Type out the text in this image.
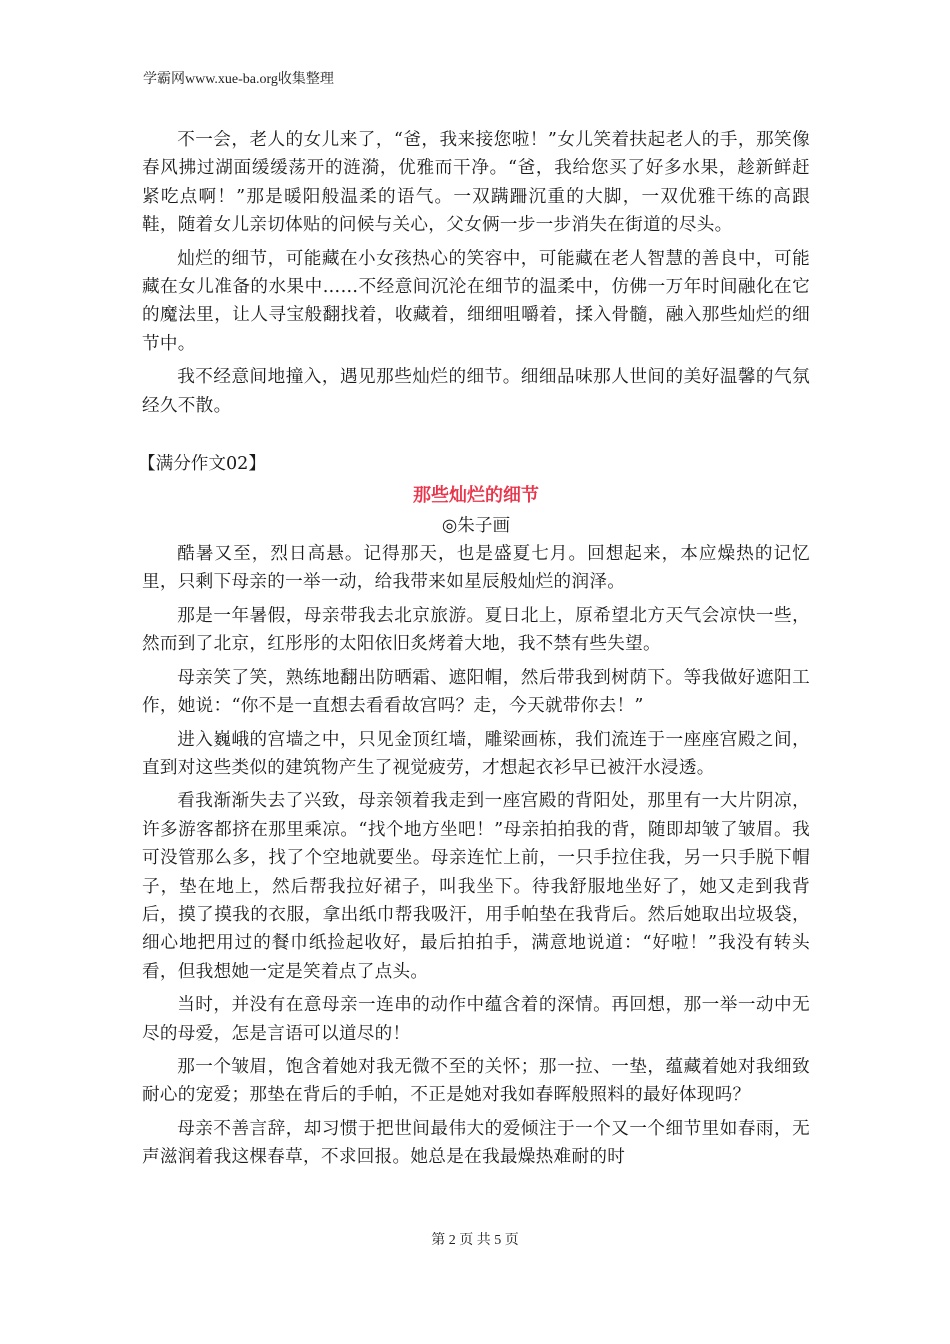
学霸网www.xue-ba.org收集整理

不一会，老人的女儿来了，“爸，我来接您啦！”女儿笑着扶起老人的手，那笑像春风拂过湖面缓缓荡开的涟漪，优雅而干净。“爸，我给您买了好多水果，趁新鲜赶紧吃点啊！”那是暖阳般温柔的语气。一双蹒跚沉重的大脚，一双优雅干练的高跟鞋，随着女儿亲切体贴的问候与关心，父女俩一步一步消失在街道的尽头。

灿烂的细节，可能藏在小女孩热心的笑容中，可能藏在老人智慧的善良中，可能藏在女儿准备的水果中……不经意间沉沦在细节的温柔中，仿佛一万年时间融化在它的魔法里，让人寻宝般翻找着，收藏着，细细咀嚼着，揉入骨髓，融入那些灿烂的细节中。

我不经意间地撞入，遇见那些灿烂的细节。细细品味那人世间的美好温馨的气氛经久不散。

【满分作文02】
那些灿烂的细节
◎朱子画

酷暑又至，烈日高悬。记得那天，也是盛夏七月。回想起来，本应燥热的记忆里，只剩下母亲的一举一动，给我带来如星辰般灿烂的润泽。

那是一年暑假，母亲带我去北京旅游。夏日北上，原希望北方天气会凉快一些，然而到了北京，红彤彤的太阳依旧炙烤着大地，我不禁有些失望。

母亲笑了笑，熟练地翻出防晒霜、遮阳帽，然后带我到树荫下。等我做好遮阳工作，她说：“你不是一直想去看看故宫吗？走，今天就带你去！”

进入巍峨的宫墙之中，只见金顶红墙，雕梁画栋，我们流连于一座座宫殿之间，直到对这些类似的建筑物产生了视觉疲劳，才想起衣衫早已被汗水浸透。

看我渐渐失去了兴致，母亲领着我走到一座宫殿的背阳处，那里有一大片阴凉，许多游客都挤在那里乘凉。“找个地方坐吧！”母亲拍拍我的背，随即却皱了皱眉。我可没管那么多，找了个空地就要坐。母亲连忙上前，一只手拉住我，另一只手脱下帽子，垫在地上，然后帮我拉好裙子，叫我坐下。待我舒服地坐好了，她又走到我背后，摸了摸我的衣服，拿出纸巾帮我吸汗，用手帕垫在我背后。然后她取出垃圾袋，细心地把用过的餐巾纸捡起收好，最后拍拍手，满意地说道：“好啦！”我没有转头看，但我想她一定是笑着点了点头。

当时，并没有在意母亲一连串的动作中蕴含着的深情。再回想，那一举一动中无尽的母爱，怎是言语可以道尽的！

那一个皱眉，饱含着她对我无微不至的关怀；那一拉、一垫，蕴藏着她对我细致耐心的宠爱；那垫在背后的手帕，不正是她对我如春晖般照料的最好体现吗？

母亲不善言辞，却习惯于把世间最伟大的爱倾注于一个又一个细节里如春雨，无声滋润着我这棵春草，不求回报。她总是在我最燥热难耐的时

第 2 页 共 5 页
